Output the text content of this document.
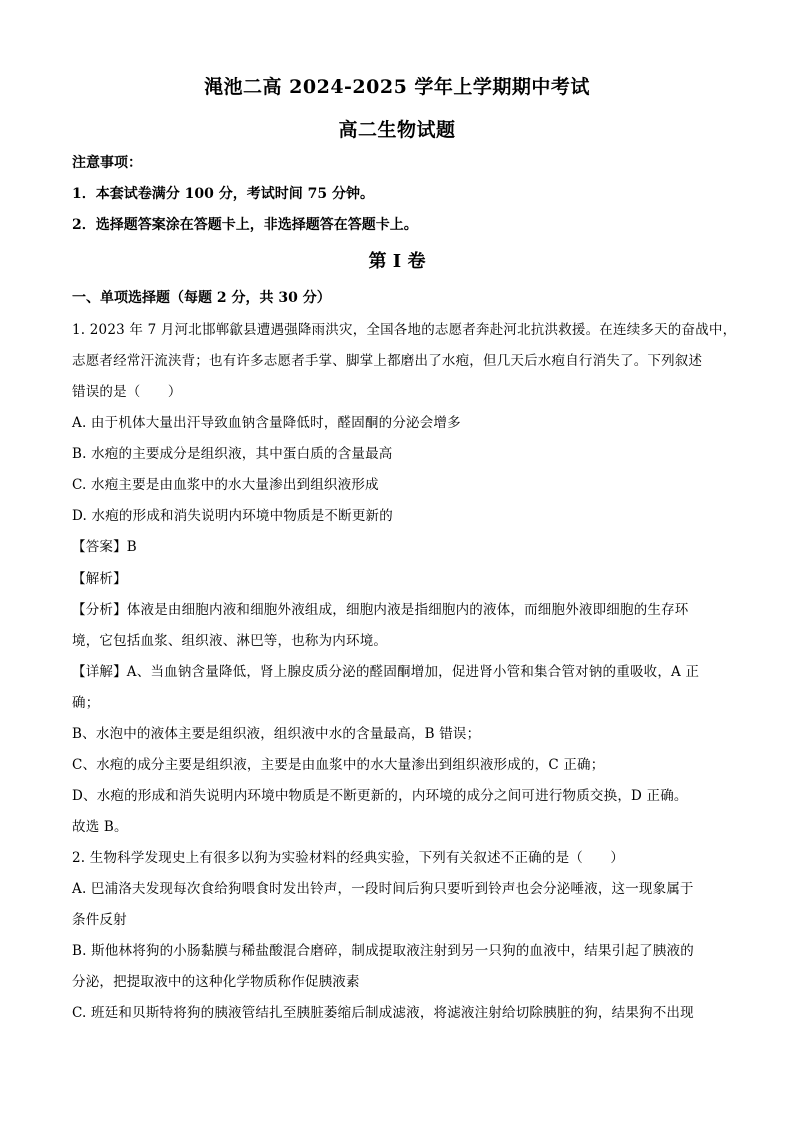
渑池二高 2024-2025 学年上学期期中考试
高二生物试题
注意事项：
1．本套试卷满分 100 分，考试时间 75 分钟。
2．选择题答案涂在答题卡上，非选择题答在答题卡上。
第 I 卷
一、单项选择题（每题 2 分，共 30 分）
1. 2023 年 7 月河北邯郸歙县遭遇强降雨洪灾，全国各地的志愿者奔赴河北抗洪救援。在连续多天的奋战中，
志愿者经常汗流浃背；也有许多志愿者手掌、脚掌上都磨出了水疱，但几天后水疱自行消失了。下列叙述
错误的是（　　）
A. 由于机体大量出汗导致血钠含量降低时，醛固酮的分泌会增多
B. 水疱的主要成分是组织液，其中蛋白质的含量最高
C. 水疱主要是由血浆中的水大量渗出到组织液形成
D. 水疱的形成和消失说明内环境中物质是不断更新的
【答案】B
【解析】
【分析】体液是由细胞内液和细胞外液组成，细胞内液是指细胞内的液体，而细胞外液即细胞的生存环
境，它包括血浆、组织液、淋巴等，也称为内环境。
【详解】A、当血钠含量降低，肾上腺皮质分泌的醛固酮增加，促进肾小管和集合管对钠的重吸收，A 正
确；
B、水泡中的液体主要是组织液，组织液中水的含量最高，B 错误；
C、水疱的成分主要是组织液，主要是由血浆中的水大量渗出到组织液形成的，C 正确；
D、水疱的形成和消失说明内环境中物质是不断更新的，内环境的成分之间可进行物质交换，D 正确。
故选 B。
2. 生物科学发现史上有很多以狗为实验材料的经典实验，下列有关叙述不正确的是（　　）
A. 巴浦洛夫发现每次食给狗喂食时发出铃声，一段时间后狗只要听到铃声也会分泌唾液，这一现象属于
条件反射
B. 斯他林将狗的小肠黏膜与稀盐酸混合磨碎，制成提取液注射到另一只狗的血液中，结果引起了胰液的
分泌，把提取液中的这种化学物质称作促胰液素
C. 班廷和贝斯特将狗的胰液管结扎至胰脏萎缩后制成滤液，将滤液注射给切除胰脏的狗，结果狗不出现
